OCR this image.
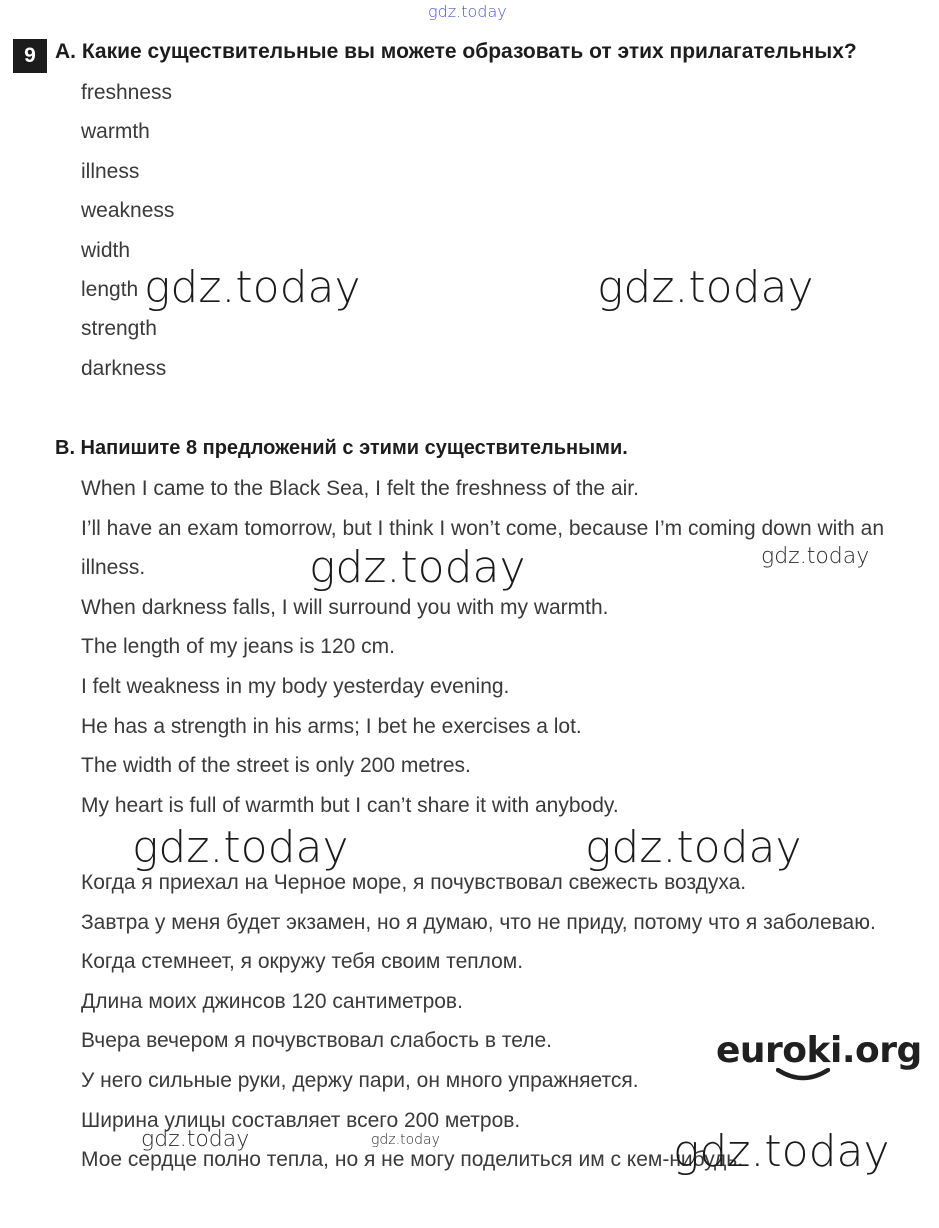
gdz.today
9 A. Какие существительные вы можете образовать от этих прилагательных?
freshness
warmth
illness
weakness
width
length
strength
darkness
B. Напишите 8 предложений с этими существительными.

When I came to the Black Sea, I felt the freshness of the air.

I’ll have an exam tomorrow, but I think I won’t come, because I’m coming down with an illness.

When darkness falls, I will surround you with my warmth.

The length of my jeans is 120 cm.

I felt weakness in my body yesterday evening.

He has a strength in his arms; I bet he exercises a lot.

The width of the street is only 200 metres.

My heart is full of warmth but I can’t share it with anybody.

Когда я приехал на Черное море, я почувствовал свежесть воздуха.

Завтра у меня будет экзамен, но я думаю, что не приду, потому что я заболеваю.

Когда стемнеет, я окружу тебя своим теплом.

Длина моих джинсов 120 сантиметров.

Вчера вечером я почувствовал слабость в теле.

У него сильные руки, держу пари, он много упражняется.

Ширина улицы составляет всего 200 метров.

Мое сердце полно тепла, но я не могу поделиться им с кем-нибудь.

gdz.today	gdz.today
gdz.today	gdz.today
gdz.today	gdz.today
gdz.today	gdz.today	gdz.today
euroki.org
